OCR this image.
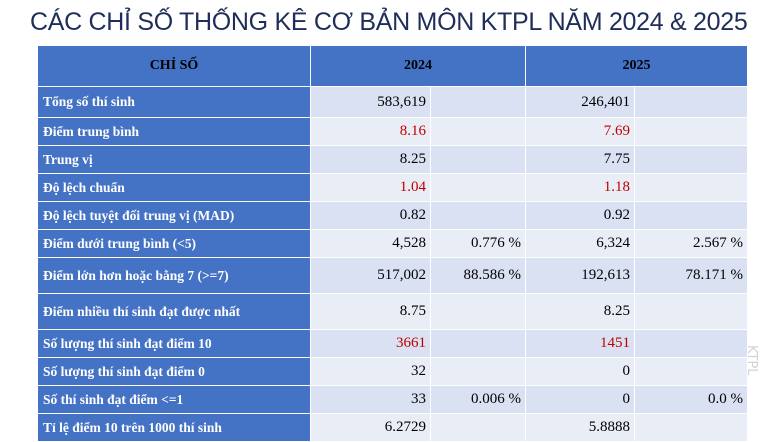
CÁC CHỈ SỐ THỐNG KÊ CƠ BẢN MÔN KTPL NĂM 2024 & 2025
CHỈ SỐ	2024		2025	
Tổng số thí sinh	583,619		246,401	
Điểm trung bình	8.16		7.69	
Trung vị	8.25		7.75	
Độ lệch chuẩn	1.04		1.18	
Độ lệch tuyệt đối trung vị (MAD)	0.82		0.92	
Điểm dưới trung bình (<5)	4,528	0.776 %	6,324	2.567 %
Điểm lớn hơn hoặc bằng 7 (>=7)	517,002	88.586 %	192,613	78.171 %
Điểm nhiều thí sinh đạt được nhất	8.75		8.25	
Số lượng thí sinh đạt điểm 10	3661		1451	
Số lượng thí sinh đạt điểm 0	32		0	
Số thí sinh đạt điểm <=1	33	0.006 %	0	0.0 %
Tỉ lệ điểm 10 trên 1000 thí sinh	6.2729		5.8888	
KTPL
